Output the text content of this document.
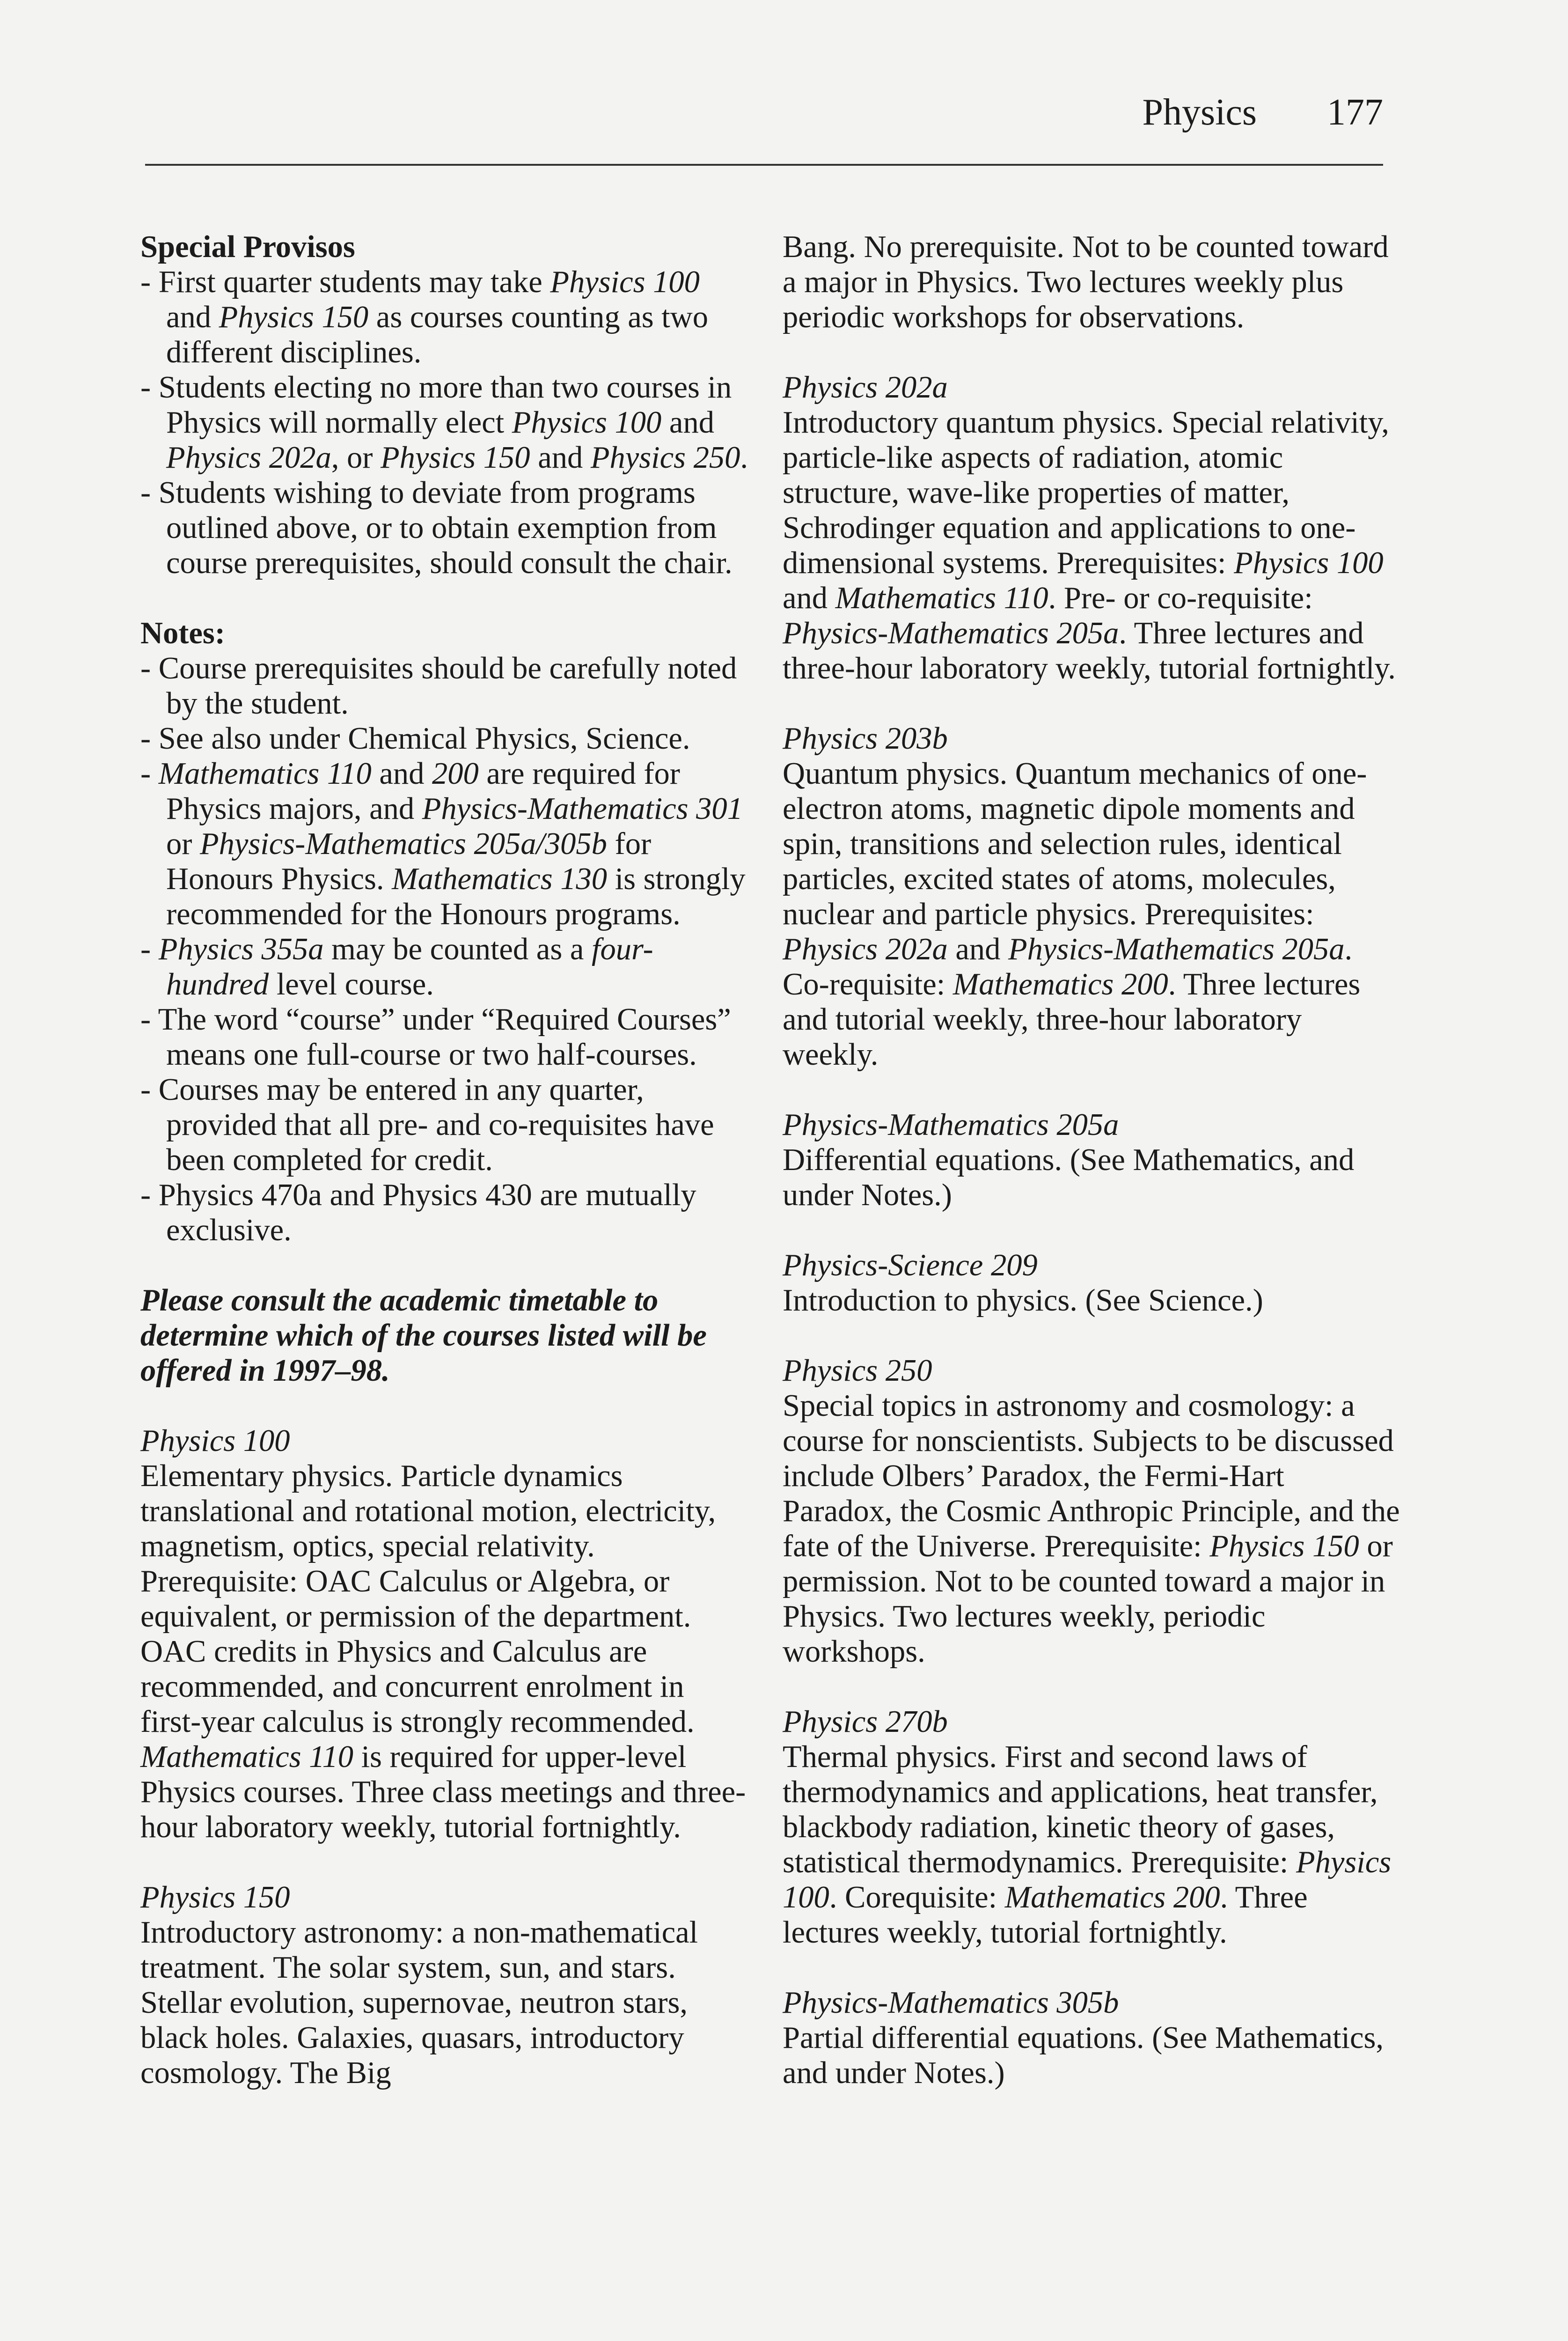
Physics 177

Special Provisos

- First quarter students may take Physics 100 and Physics 150 as courses counting as two different disciplines.

- Students electing no more than two courses in Physics will normally elect Physics 100 and Physics 202a, or Physics 150 and Physics 250.

- Students wishing to deviate from programs outlined above, or to obtain exemption from course prerequisites, should consult the chair.

Notes:

- Course prerequisites should be carefully noted by the student.

- See also under Chemical Physics, Science.

- Mathematics 110 and 200 are required for Physics majors, and Physics-Mathematics 301 or Physics-Mathematics 205a/305b for Honours Physics. Mathematics 130 is strongly recommended for the Honours programs.

- Physics 355a may be counted as a four-hundred level course.

- The word “course” under “Required Courses” means one full-course or two half-courses.

- Courses may be entered in any quarter, provided that all pre- and co-requisites have been completed for credit.

- Physics 470a and Physics 430 are mutually exclusive.

Please consult the academic timetable to determine which of the courses listed will be offered in 1997–98.

Physics 100

Elementary physics. Particle dynamics translational and rotational motion, electricity, magnetism, optics, special relativity. Prerequisite: OAC Calculus or Algebra, or equivalent, or permission of the department. OAC credits in Physics and Calculus are recommended, and concurrent enrolment in first-year calculus is strongly recommended. Mathematics 110 is required for upper-level Physics courses. Three class meetings and three-hour laboratory weekly, tutorial fortnightly.

Physics 150

Introductory astronomy: a non-mathematical treatment. The solar system, sun, and stars. Stellar evolution, supernovae, neutron stars, black holes. Galaxies, quasars, introductory cosmology. The Big

Bang. No prerequisite. Not to be counted toward a major in Physics. Two lectures weekly plus periodic workshops for observations.

Physics 202a

Introductory quantum physics. Special relativity, particle-like aspects of radiation, atomic structure, wave-like properties of matter, Schrodinger equation and applications to one-dimensional systems. Prerequisites: Physics 100 and Mathematics 110. Pre- or co-requisite: Physics-Mathematics 205a. Three lectures and three-hour laboratory weekly, tutorial fortnightly.

Physics 203b

Quantum physics. Quantum mechanics of one-electron atoms, magnetic dipole moments and spin, transitions and selection rules, identical particles, excited states of atoms, molecules, nuclear and particle physics. Prerequisites: Physics 202a and Physics-Mathematics 205a. Co-requisite: Mathematics 200. Three lectures and tutorial weekly, three-hour laboratory weekly.

Physics-Mathematics 205a

Differential equations. (See Mathematics, and under Notes.)

Physics-Science 209

Introduction to physics. (See Science.)

Physics 250

Special topics in astronomy and cosmology: a course for nonscientists. Subjects to be discussed include Olbers’ Paradox, the Fermi-Hart Paradox, the Cosmic Anthropic Principle, and the fate of the Universe. Prerequisite: Physics 150 or permission. Not to be counted toward a major in Physics. Two lectures weekly, periodic workshops.

Physics 270b

Thermal physics. First and second laws of thermodynamics and applications, heat transfer, blackbody radiation, kinetic theory of gases, statistical thermodynamics. Prerequisite: Physics 100. Corequisite: Mathematics 200. Three lectures weekly, tutorial fortnightly.

Physics-Mathematics 305b

Partial differential equations. (See Mathematics, and under Notes.)
